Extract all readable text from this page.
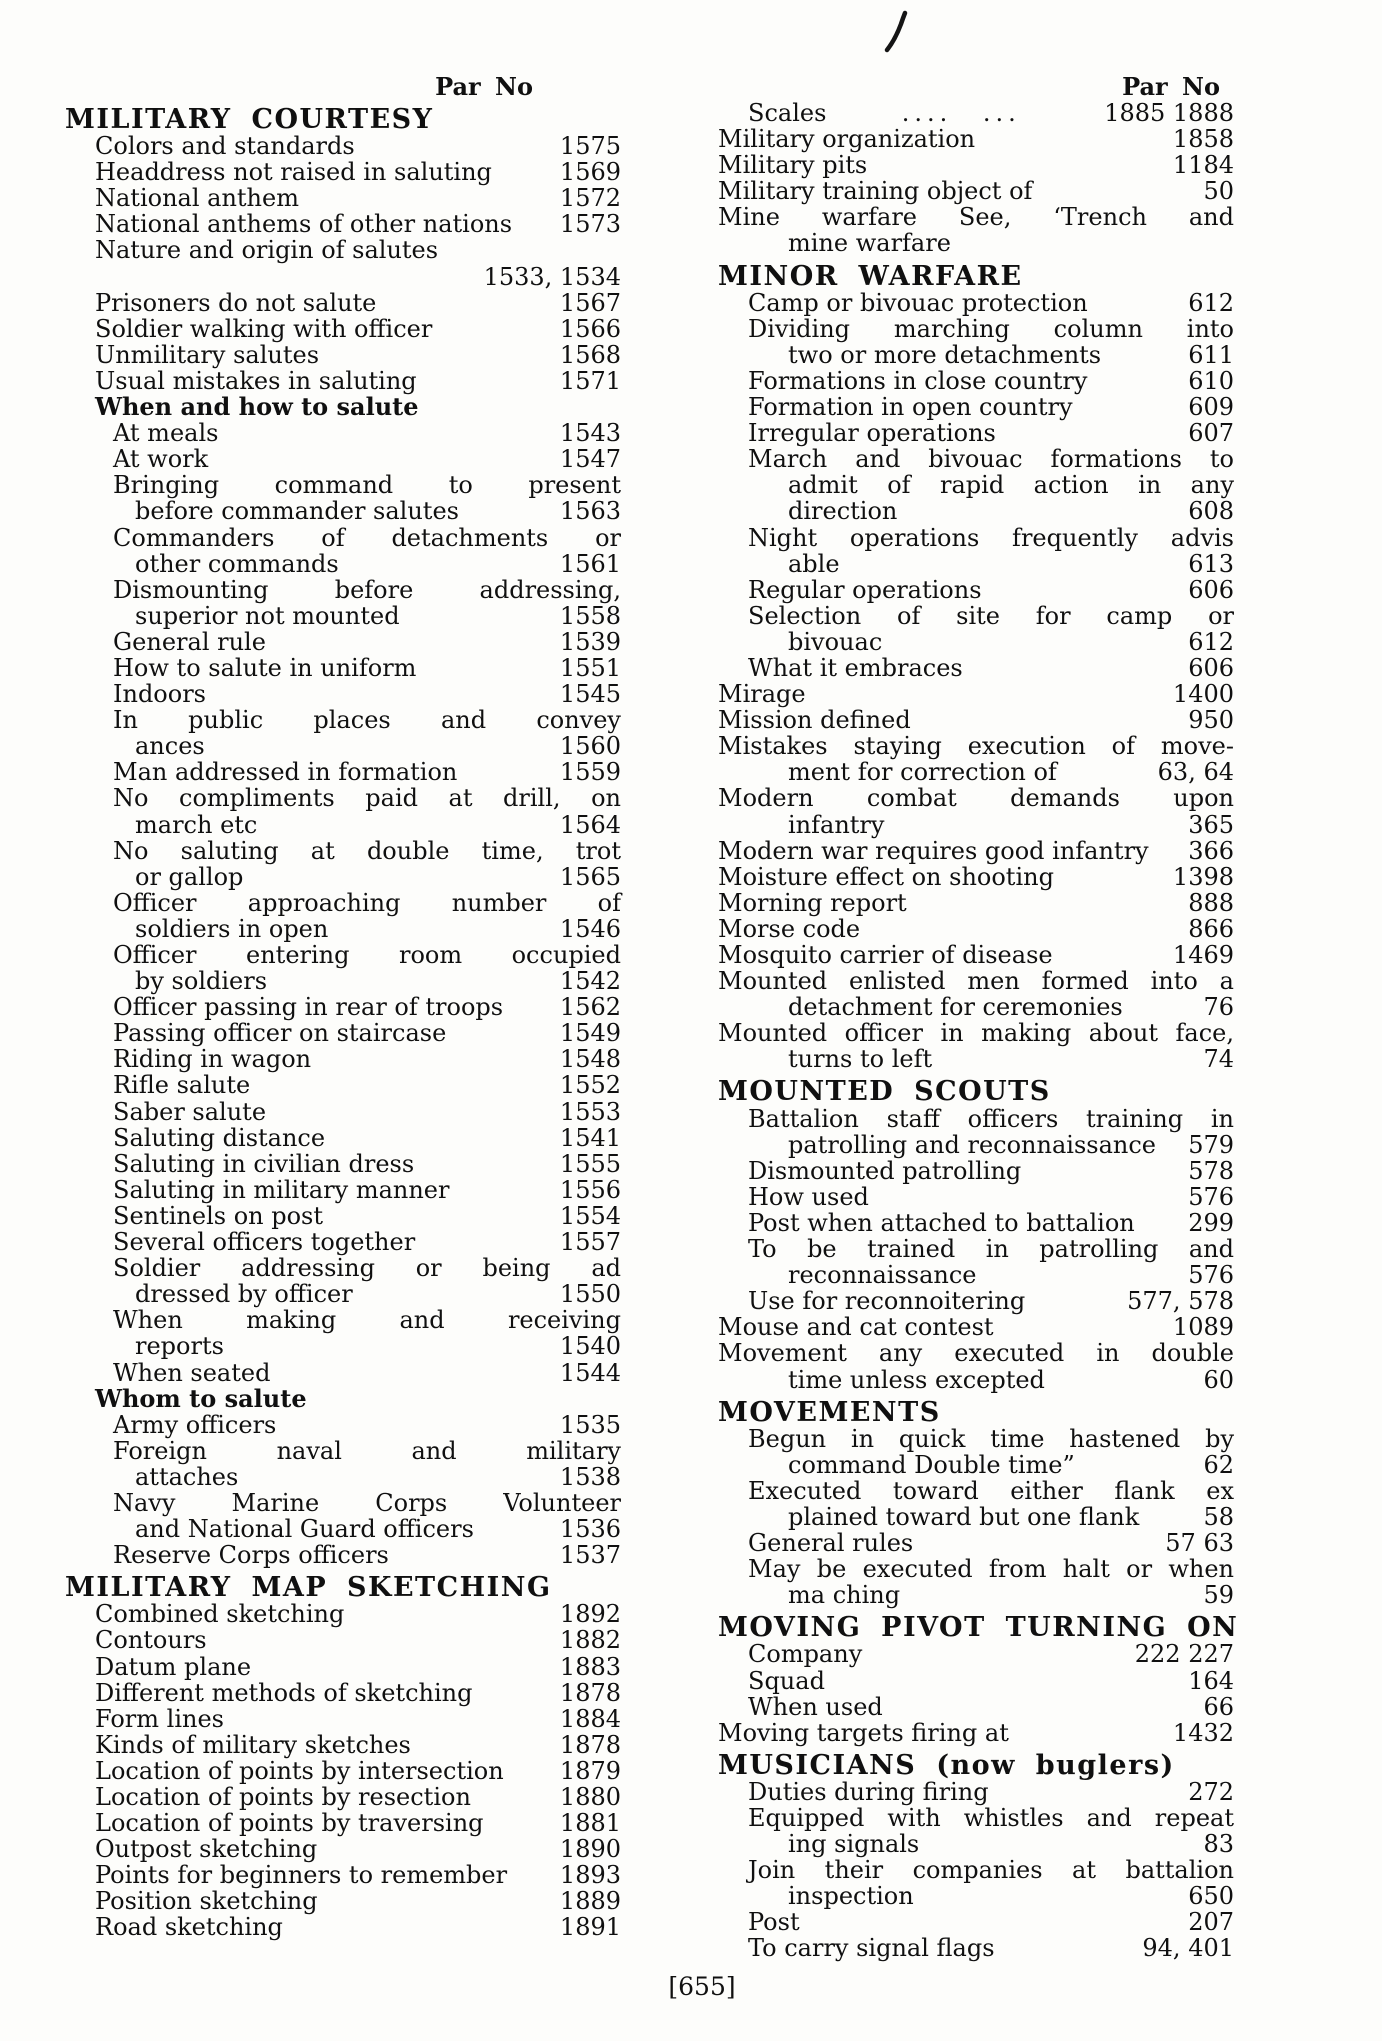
Par No
MILITARY COURTESY
Colors and standards	1575
Headdress not raised in saluting	1569
National anthem	1572
National anthems of other nations	1573
Nature and origin of salutes
1533, 1534
Prisoners do not salute	1567
Soldier walking with officer	1566
Unmilitary salutes	1568
Usual mistakes in saluting	1571
When and how to salute
At meals	1543
At work	1547
Bringing command to present
before commander salutes	1563
Commanders of detachments or
other commands	1561
Dismounting before addressing,
superior not mounted	1558
General rule	1539
How to salute in uniform	1551
Indoors	1545
In public places and convey
ances	1560
Man addressed in formation	1559
No compliments paid at drill, on
march etc	1564
No saluting at double time, trot
or gallop	1565
Officer approaching number of
soldiers in open	1546
Officer entering room occupied
by soldiers	1542
Officer passing in rear of troops	1562
Passing officer on staircase	1549
Riding in wagon	1548
Rifle salute	1552
Saber salute	1553
Saluting distance	1541
Saluting in civilian dress	1555
Saluting in military manner	1556
Sentinels on post	1554
Several officers together	1557
Soldier addressing or being ad
dressed by officer	1550
When making and receiving
reports	1540
When seated	1544
Whom to salute
Army officers	1535
Foreign naval and military
attaches	1538
Navy Marine Corps Volunteer
and National Guard officers	1536
Reserve Corps officers	1537
MILITARY MAP SKETCHING
Combined sketching	1892
Contours	1882
Datum plane	1883
Different methods of sketching	1878
Form lines	1884
Kinds of military sketches	1878
Location of points by intersection	1879
Location of points by resection	1880
Location of points by traversing	1881
Outpost sketching	1890
Points for beginners to remember	1893
Position sketching	1889
Road sketching	1891
Par No
Scales	.... ...	1885 1888
Military organization	1858
Military pits	1184
Military training object of	50
Mine warfare See, ‘Trench and
mine warfare
MINOR WARFARE
Camp or bivouac protection	612
Dividing marching column into
two or more detachments	611
Formations in close country	610
Formation in open country	609
Irregular operations	607
March and bivouac formations to
admit of rapid action in any
direction	608
Night operations frequently advis
able	613
Regular operations	606
Selection of site for camp or
bivouac	612
What it embraces	606
Mirage	1400
Mission defined	950
Mistakes staying execution of move-
ment for correction of	63, 64
Modern combat demands upon
infantry	365
Modern war requires good infantry	366
Moisture effect on shooting	1398
Morning report	888
Morse code	866
Mosquito carrier of disease	1469
Mounted enlisted men formed into a
detachment for ceremonies	76
Mounted officer in making about face,
turns to left	74
MOUNTED SCOUTS
Battalion staff officers training in
patrolling and reconnaissance	579
Dismounted patrolling	578
How used	576
Post when attached to battalion	299
To be trained in patrolling and
reconnaissance	576
Use for reconnoitering	577, 578
Mouse and cat contest	1089
Movement any executed in double
time unless excepted	60
MOVEMENTS
Begun in quick time hastened by
command Double time”	62
Executed toward either flank ex
plained toward but one flank	58
General rules	57 63
May be executed from halt or when
ma ching	59
MOVING PIVOT TURNING ON
Company	222 227
Squad	164
When used	66
Moving targets firing at	1432
MUSICIANS (now buglers)
Duties during firing	272
Equipped with whistles and repeat
ing signals	83
Join their companies at battalion
inspection	650
Post	207
To carry signal flags	94, 401
[655]
